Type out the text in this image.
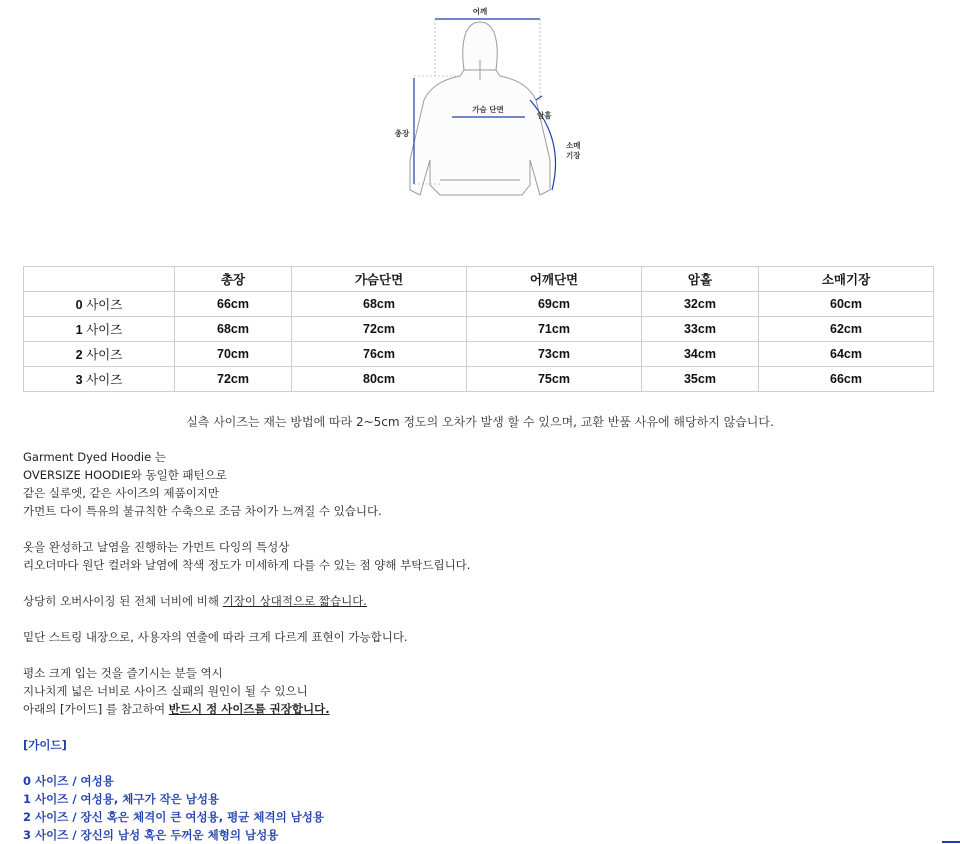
어깨
가슴 단면
암홀
총장
소매
기장
	총장	가슴단면	어깨단면	암홀	소매기장
0 사이즈	66cm	68cm	69cm	32cm	60cm
1 사이즈	68cm	72cm	71cm	33cm	62cm
2 사이즈	70cm	76cm	73cm	34cm	64cm
3 사이즈	72cm	80cm	75cm	35cm	66cm
실측 사이즈는 재는 방법에 따라 2~5cm 정도의 오차가 발생 할 수 있으며, 교환 반품 사유에 해당하지 않습니다.

Garment Dyed Hoodie 는

OVERSIZE HOODIE와 동일한 패턴으로

같은 실루엣, 같은 사이즈의 제품이지만

가먼트 다이 특유의 불규칙한 수축으로 조금 차이가 느껴질 수 있습니다.

옷을 완성하고 날염을 진행하는 가먼트 다잉의 특성상

리오더마다 원단 컬러와 날염에 착색 정도가 미세하게 다를 수 있는 점 양해 부탁드립니다.

상당히 오버사이징 된 전체 너비에 비해 기장이 상대적으로 짧습니다.

밑단 스트링 내장으로, 사용자의 연출에 따라 크게 다르게 표현이 가능합니다.

평소 크게 입는 것을 즐기시는 분들 역시

지나치게 넓은 너비로 사이즈 실패의 원인이 될 수 있으니

아래의 [가이드] 를 참고하여 반드시 정 사이즈를 권장합니다.

[가이드]

0 사이즈 / 여성용

1 사이즈 / 여성용, 체구가 작은 남성용

2 사이즈 / 장신 혹은 체격이 큰 여성용, 평균 체격의 남성용

3 사이즈 / 장신의 남성 혹은 두꺼운 체형의 남성용
